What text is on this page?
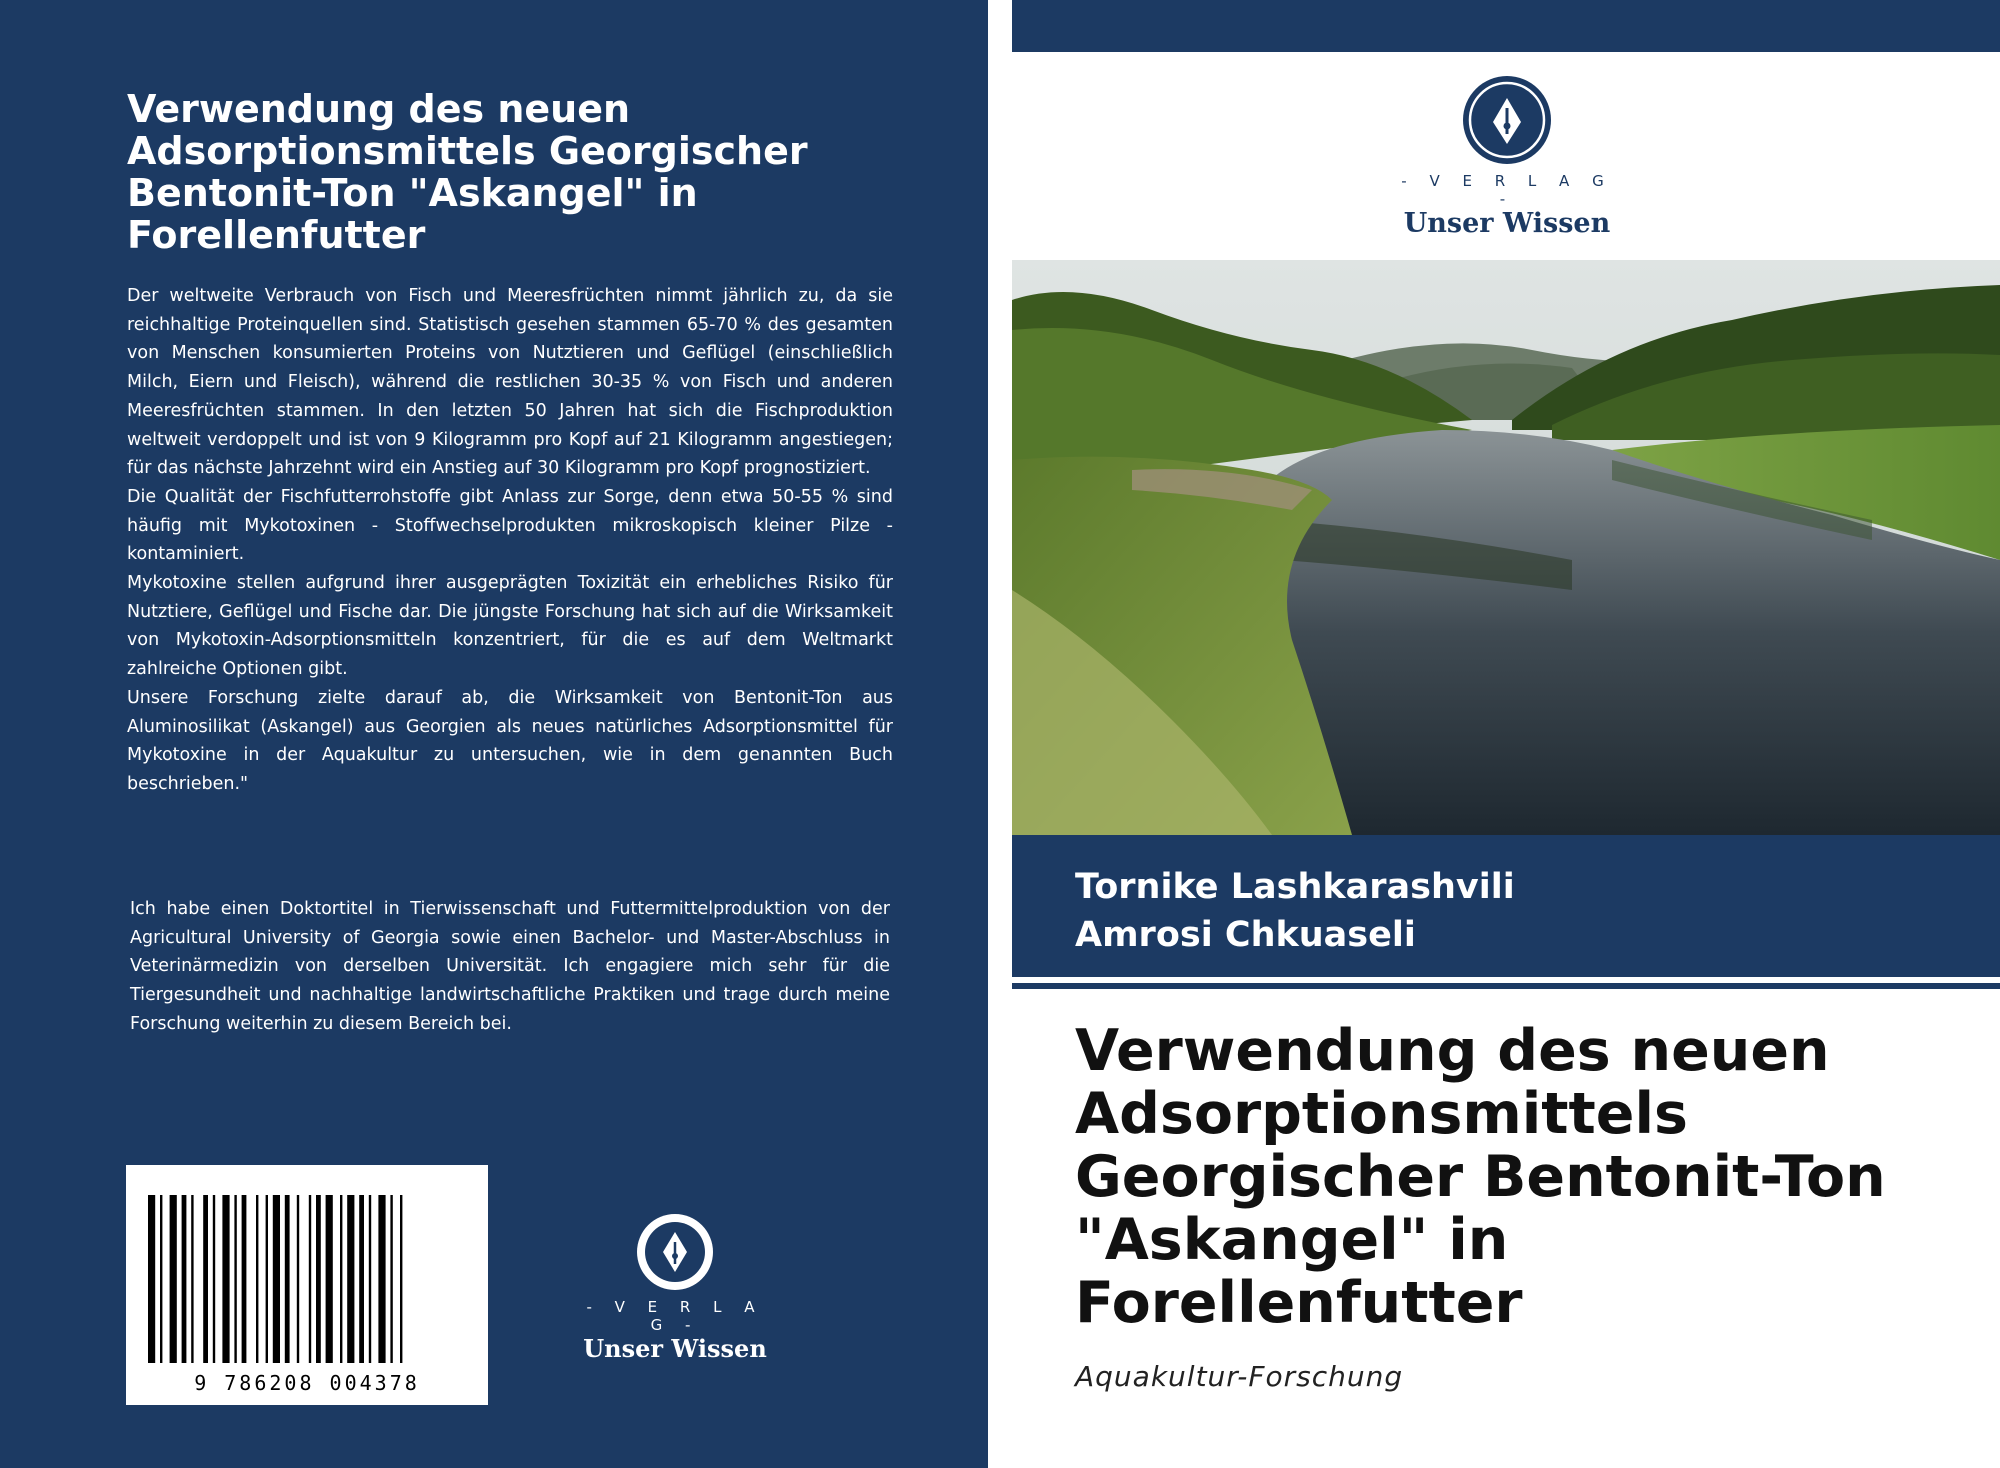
Verwendung des neuen Adsorptionsmittels Georgischer Bentonit-Ton "Askangel" in Forellenfutter

Der weltweite Verbrauch von Fisch und Meeresfrüchten nimmt jährlich zu, da sie reichhaltige Proteinquellen sind. Statistisch gesehen stammen 65-70 % des gesamten von Menschen konsumierten Proteins von Nutztieren und Geflügel (einschließlich Milch, Eiern und Fleisch), während die restlichen 30-35 % von Fisch und anderen Meeresfrüchten stammen. In den letzten 50 Jahren hat sich die Fischproduktion weltweit verdoppelt und ist von 9 Kilogramm pro Kopf auf 21 Kilogramm angestiegen; für das nächste Jahrzehnt wird ein Anstieg auf 30 Kilogramm pro Kopf prognostiziert.

Die Qualität der Fischfutterrohstoffe gibt Anlass zur Sorge, denn etwa 50-55 % sind häufig mit Mykotoxinen - Stoffwechselprodukten mikroskopisch kleiner Pilze - kontaminiert.

Mykotoxine stellen aufgrund ihrer ausgeprägten Toxizität ein erhebliches Risiko für Nutztiere, Geflügel und Fische dar. Die jüngste Forschung hat sich auf die Wirksamkeit von Mykotoxin-Adsorptionsmitteln konzentriert, für die es auf dem Weltmarkt zahlreiche Optionen gibt.

Unsere Forschung zielte darauf ab, die Wirksamkeit von Bentonit-Ton aus Aluminosilikat (Askangel) aus Georgien als neues natürliches Adsorptionsmittel für Mykotoxine in der Aquakultur zu untersuchen, wie in dem genannten Buch beschrieben."

Ich habe einen Doktortitel in Tierwissenschaft und Futtermittelproduktion von der Agricultural University of Georgia sowie einen Bachelor- und Master-Abschluss in Veterinärmedizin von derselben Universität. Ich engagiere mich sehr für die Tiergesundheit und nachhaltige landwirtschaftliche Praktiken und trage durch meine Forschung weiterhin zu diesem Bereich bei.

9 786208 004378
- V E R L A G -
Unser Wissen
- V E R L A G -
Unser Wissen
Tornike Lashkarashvili
Amrosi Chkuaseli
Verwendung des neuen Adsorptionsmittels Georgischer Bentonit-Ton "Askangel" in Forellenfutter
Aquakultur-Forschung
